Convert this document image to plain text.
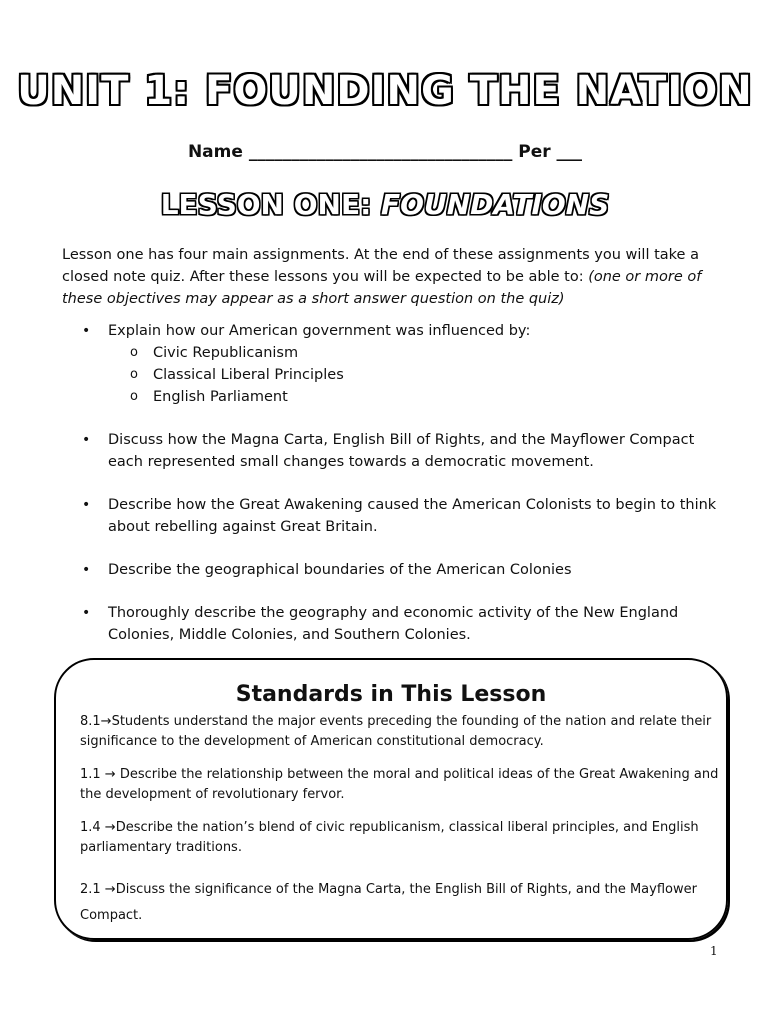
UNIT 1: FOUNDING THE NATION
Name _______________________________ Per ___
LESSON ONE: FOUNDATIONS
Lesson one has four main assignments. At the end of these assignments you will take a closed note quiz. After these lessons you will be expected to be able to: (one or more of these objectives may appear as a short answer question on the quiz)
• Explain how our American government was influenced by:
o Civic Republicanism
o Classical Liberal Principles
o English Parliament
• Discuss how the Magna Carta, English Bill of Rights, and the Mayflower Compact each represented small changes towards a democratic movement.
• Describe how the Great Awakening caused the American Colonists to begin to think about rebelling against Great Britain.
• Describe the geographical boundaries of the American Colonies
• Thoroughly describe the geography and economic activity of the New England Colonies, Middle Colonies, and Southern Colonies.
Standards in This Lesson
8.1→Students understand the major events preceding the founding of the nation and relate their significance to the development of American constitutional democracy.
1.1 → Describe the relationship between the moral and political ideas of the Great Awakening and the development of revolutionary fervor.
1.4 →Describe the nation’s blend of civic republicanism, classical liberal principles, and English parliamentary traditions.
2.1 →Discuss the significance of the Magna Carta, the English Bill of Rights, and the Mayflower Compact.
1
